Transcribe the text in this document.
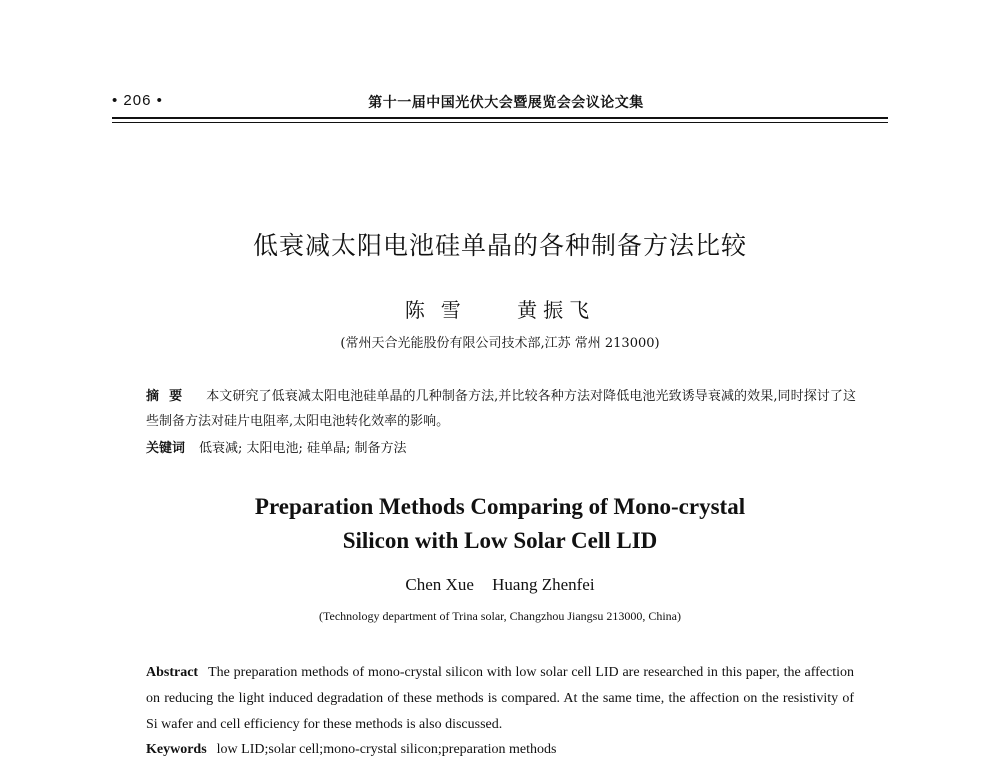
• 206 •	第十一届中国光伏大会暨展览会会议论文集
低衰减太阳电池硅单晶的各种制备方法比较
陈雪 黄振飞
(常州天合光能股份有限公司技术部,江苏 常州 213000)
摘要 本文研究了低衰减太阳电池硅单晶的几种制备方法,并比较各种方法对降低电池光致诱导衰减的效果,同时探讨了这些制备方法对硅片电阻率,太阳电池转化效率的影响。
关键词 低衰减; 太阳电池; 硅单晶; 制备方法
Preparation Methods Comparing of Mono-crystal
Silicon with Low Solar Cell LID
Chen Xue Huang Zhenfei
(Technology department of Trina solar, Changzhou Jiangsu 213000, China)
Abstract The preparation methods of mono-crystal silicon with low solar cell LID are researched in this paper, the affection on reducing the light induced degradation of these methods is compared. At the same time, the affection on the resistivity of Si wafer and cell efficiency for these methods is also discussed.
Keywords low LID;solar cell;mono-crystal silicon;preparation methods
